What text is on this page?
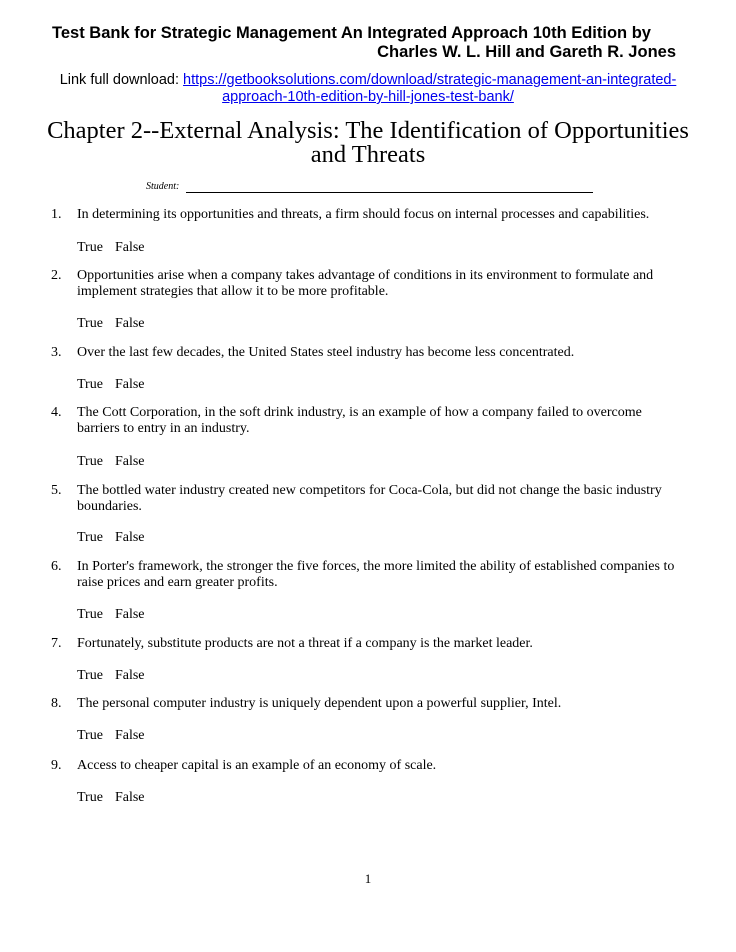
Test Bank for Strategic Management An Integrated Approach 10th Edition by
Charles W. L. Hill and Gareth R. Jones
Link full download: https://getbooksolutions.com/download/strategic-management-an-integrated-
approach-10th-edition-by-hill-jones-test-bank/
Chapter 2--External Analysis: The Identification of Opportunities
and Threats
Student:
1. In determining its opportunities and threats, a firm should focus on internal processes and capabilities.
True False
2. Opportunities arise when a company takes advantage of conditions in its environment to formulate and implement strategies that allow it to be more profitable.
True False
3. Over the last few decades, the United States steel industry has become less concentrated.
True False
4. The Cott Corporation, in the soft drink industry, is an example of how a company failed to overcome barriers to entry in an industry.
True False
5. The bottled water industry created new competitors for Coca-Cola, but did not change the basic industry boundaries.
True False
6. In Porter's framework, the stronger the five forces, the more limited the ability of established companies to raise prices and earn greater profits.
True False
7. Fortunately, substitute products are not a threat if a company is the market leader.
True False
8. The personal computer industry is uniquely dependent upon a powerful supplier, Intel.
True False
9. Access to cheaper capital is an example of an economy of scale.
True False
1
